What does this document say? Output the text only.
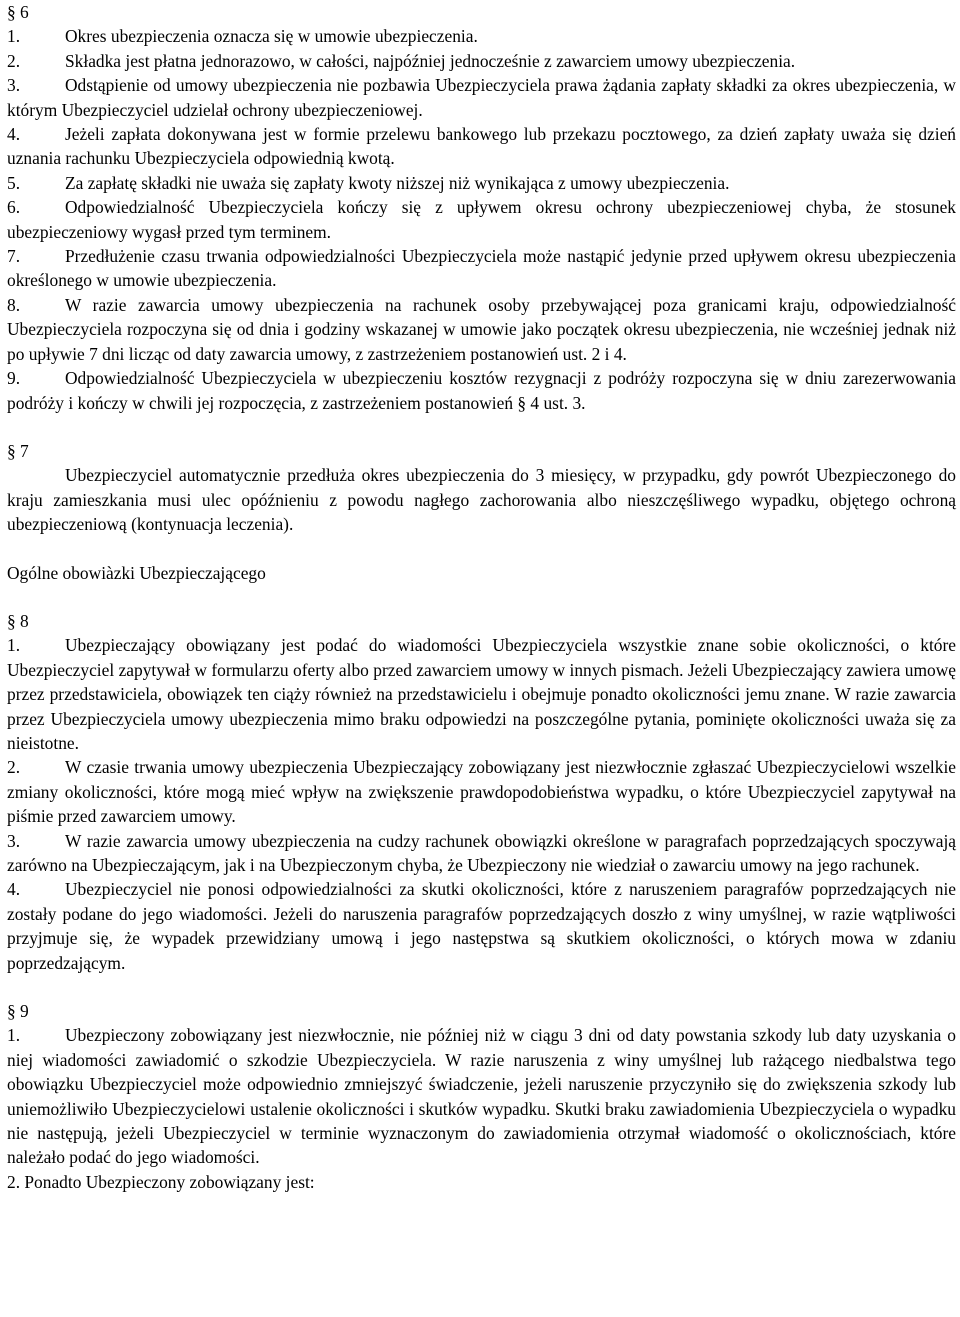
§ 6

1.	Okres ubezpieczenia oznacza się w umowie ubezpieczenia.

2.	Składka jest płatna jednorazowo, w całości, najpóźniej jednocześnie z zawarciem umowy ubezpieczenia.

3.	Odstąpienie od umowy ubezpieczenia nie pozbawia Ubezpieczyciela prawa żądania zapłaty składki za okres ubezpieczenia, w którym Ubezpieczyciel udzielał ochrony ubezpieczeniowej.

4.	Jeżeli zapłata dokonywana jest w formie przelewu bankowego lub przekazu pocztowego, za dzień zapłaty uważa się dzień uznania rachunku Ubezpieczyciela odpowiednią kwotą.

5.	Za zapłatę składki nie uważa się zapłaty kwoty niższej niż wynikająca z umowy ubezpieczenia.

6.	Odpowiedzialność Ubezpieczyciela kończy się z upływem okresu ochrony ubezpieczeniowej chyba, że stosunek ubezpieczeniowy wygasł przed tym terminem.

7.	Przedłużenie czasu trwania odpowiedzialności Ubezpieczyciela może nastąpić jedynie przed upływem okresu ubezpieczenia określonego w umowie ubezpieczenia.

8.	W razie zawarcia umowy ubezpieczenia na rachunek osoby przebywającej poza granicami kraju, odpowiedzialność Ubezpieczyciela rozpoczyna się od dnia i godziny wskazanej w umowie jako początek okresu ubezpieczenia, nie wcześniej jednak niż po upływie 7 dni licząc od daty zawarcia umowy, z zastrzeżeniem postanowień ust. 2 i 4.

9.	Odpowiedzialność Ubezpieczyciela w ubezpieczeniu kosztów rezygnacji z podróży rozpoczyna się w dniu zarezerwowania podróży i kończy w chwili jej rozpoczęcia, z zastrzeżeniem postanowień § 4 ust. 3.

§ 7

Ubezpieczyciel automatycznie przedłuża okres ubezpieczenia do 3 miesięcy, w przypadku, gdy powrót Ubezpieczonego do kraju zamieszkania musi ulec opóźnieniu z powodu nagłego zachorowania albo nieszczęśliwego wypadku, objętego ochroną ubezpieczeniową (kontynuacja leczenia).

Ogólne obowiàzki Ubezpieczającego

§ 8

1.	Ubezpieczający obowiązany jest podać do wiadomości Ubezpieczyciela wszystkie znane sobie okoliczności, o które Ubezpieczyciel zapytywał w formularzu oferty albo przed zawarciem umowy w innych pismach. Jeżeli Ubezpieczający zawiera umowę przez przedstawiciela, obowiązek ten ciąży również na przedstawicielu i obejmuje ponadto okoliczności jemu znane. W razie zawarcia przez Ubezpieczyciela umowy ubezpieczenia mimo braku odpowiedzi na poszczególne pytania, pominięte okoliczności uważa się za nieistotne.

2.	W czasie trwania umowy ubezpieczenia Ubezpieczający zobowiązany jest niezwłocznie zgłaszać Ubezpieczycielowi wszelkie zmiany okoliczności, które mogą mieć wpływ na zwiększenie prawdopodobieństwa wypadku, o które Ubezpieczyciel zapytywał na piśmie przed zawarciem umowy.

3.	W razie zawarcia umowy ubezpieczenia na cudzy rachunek obowiązki określone w paragrafach poprzedzających spoczywają zarówno na Ubezpieczającym, jak i na Ubezpieczonym chyba, że Ubezpieczony nie wiedział o zawarciu umowy na jego rachunek.

4.	Ubezpieczyciel nie ponosi odpowiedzialności za skutki okoliczności, które z naruszeniem paragrafów poprzedzających nie zostały podane do jego wiadomości. Jeżeli do naruszenia paragrafów poprzedzających doszło z winy umyślnej, w razie wątpliwości przyjmuje się, że wypadek przewidziany umową i jego następstwa są skutkiem okoliczności, o których mowa w zdaniu poprzedzającym.

§ 9

1.	Ubezpieczony zobowiązany jest niezwłocznie, nie później niż w ciągu 3 dni od daty powstania szkody lub daty uzyskania o niej wiadomości zawiadomić o szkodzie Ubezpieczyciela. W razie naruszenia z winy umyślnej lub rażącego niedbalstwa tego obowiązku Ubezpieczyciel może odpowiednio zmniejszyć świadczenie, jeżeli naruszenie przyczyniło się do zwiększenia szkody lub uniemożliwiło Ubezpieczycielowi ustalenie okoliczności i skutków wypadku. Skutki braku zawiadomienia Ubezpieczyciela o wypadku nie następują, jeżeli Ubezpieczyciel w terminie wyznaczonym do zawiadomienia otrzymał wiadomość o okolicznościach, które należało podać do jego wiadomości.

2. Ponadto Ubezpieczony zobowiązany jest:
